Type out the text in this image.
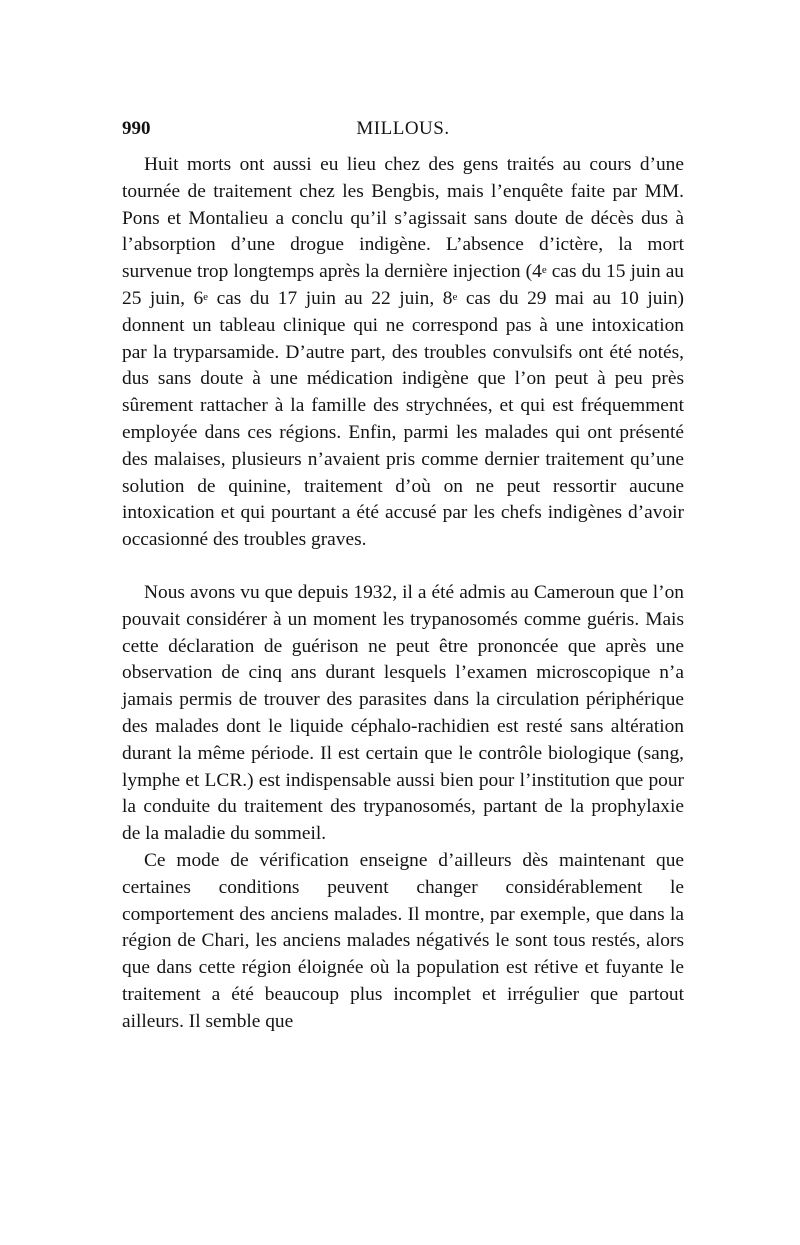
990	MILLOUS.

Huit morts ont aussi eu lieu chez des gens traités au cours d’une tournée de traitement chez les Bengbis, mais l’enquête faite par MM. Pons et Montalieu a conclu qu’il s’agissait sans doute de décès dus à l’absorption d’une drogue indigène. L’absence d’ictère, la mort survenue trop longtemps après la dernière injection (4e cas du 15 juin au 25 juin, 6e cas du 17 juin au 22 juin, 8e cas du 29 mai au 10 juin) donnent un tableau clinique qui ne correspond pas à une intoxication par la tryparsamide. D’autre part, des troubles convulsifs ont été notés, dus sans doute à une médication indigène que l’on peut à peu près sûrement rattacher à la famille des strychnées, et qui est fréquemment employée dans ces régions. Enfin, parmi les malades qui ont présenté des malaises, plusieurs n’avaient pris comme dernier traitement qu’une solution de quinine, traitement d’où on ne peut ressortir aucune intoxication et qui pourtant a été accusé par les chefs indigènes d’avoir occasionné des troubles graves.

Nous avons vu que depuis 1932, il a été admis au Cameroun que l’on pouvait considérer à un moment les trypanosomés comme guéris. Mais cette déclaration de guérison ne peut être prononcée que après une observation de cinq ans durant lesquels l’examen microscopique n’a jamais permis de trouver des parasites dans la circulation périphérique des malades dont le liquide céphalo-rachidien est resté sans altération durant la même période. Il est certain que le contrôle biologique (sang, lymphe et LCR.) est indispensable aussi bien pour l’institution que pour la conduite du traitement des trypanosomés, partant de la prophylaxie de la maladie du sommeil.

Ce mode de vérification enseigne d’ailleurs dès maintenant que certaines conditions peuvent changer considérablement le comportement des anciens malades. Il montre, par exemple, que dans la région de Chari, les anciens malades négativés le sont tous restés, alors que dans cette région éloignée où la population est rétive et fuyante le traitement a été beaucoup plus incomplet et irrégulier que partout ailleurs. Il semble que
